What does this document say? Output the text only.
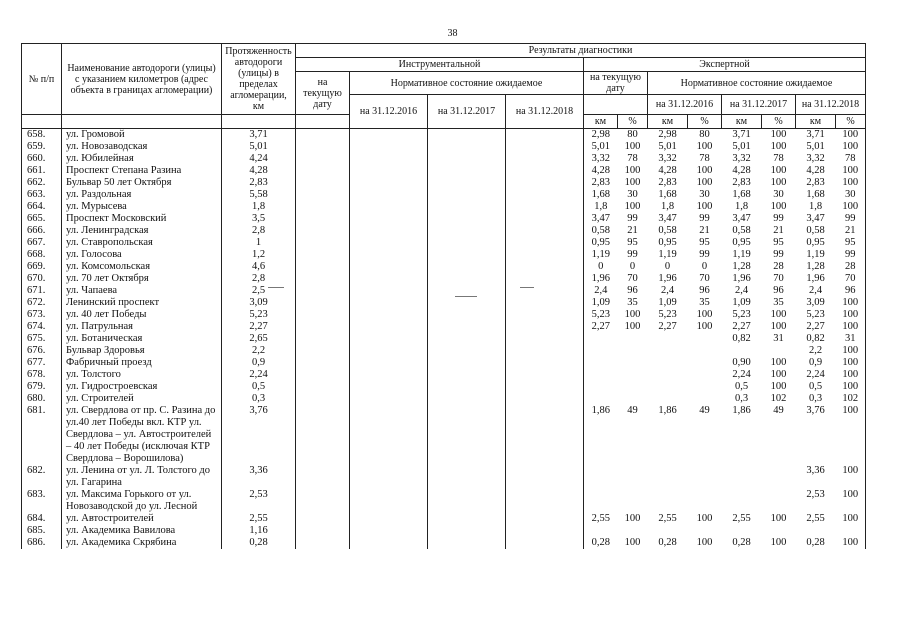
38
№ п/п	Наименование автодороги (улицы) с указанием километров (адрес объекта в границах агломерации)	Протяженность автодороги (улицы) в пределах агломерации, км	Результаты диагностики											
			Инструментальной				Экспертной							
			на текущую дату	Нормативное состояние ожидаемое			на текущую дату		Нормативное состояние ожидаемое					
				на 31.12.2016	на 31.12.2017	на 31.12.2018			на 31.12.2016		на 31.12.2017		на 31.12.2018	
							км	%	км	%	км	%	км	%
658.	ул. Громовой	3,71					2,98	80	2,98	80	3,71	100	3,71	100
659.	ул. Новозаводская	5,01					5,01	100	5,01	100	5,01	100	5,01	100
660.	ул. Юбилейная	4,24					3,32	78	3,32	78	3,32	78	3,32	78
661.	Проспект Степана Разина	4,28					4,28	100	4,28	100	4,28	100	4,28	100
662.	Бульвар 50 лет Октября	2,83					2,83	100	2,83	100	2,83	100	2,83	100
663.	ул. Раздольная	5,58					1,68	30	1,68	30	1,68	30	1,68	30
664.	ул. Мурысева	1,8					1,8	100	1,8	100	1,8	100	1,8	100
665.	Проспект Московский	3,5					3,47	99	3,47	99	3,47	99	3,47	99
666.	ул. Ленинградская	2,8					0,58	21	0,58	21	0,58	21	0,58	21
667.	ул. Ставропольская	1					0,95	95	0,95	95	0,95	95	0,95	95
668.	ул. Голосова	1,2					1,19	99	1,19	99	1,19	99	1,19	99
669.	ул. Комсомольская	4,6					0	0	0	0	1,28	28	1,28	28
670.	ул. 70 лет Октября	2,8					1,96	70	1,96	70	1,96	70	1,96	70
671.	ул. Чапаева	2,5					2,4	96	2,4	96	2,4	96	2,4	96
672.	Ленинский проспект	3,09					1,09	35	1,09	35	1,09	35	3,09	100
673.	ул. 40 лет Победы	5,23					5,23	100	5,23	100	5,23	100	5,23	100
674.	ул. Патрульная	2,27					2,27	100	2,27	100	2,27	100	2,27	100
675.	ул. Ботаническая	2,65									0,82	31	0,82	31
676.	Бульвар Здоровья	2,2											2,2	100
677.	Фабричный проезд	0,9									0,90	100	0,9	100
678.	ул. Толстого	2,24									2,24	100	2,24	100
679.	ул. Гидростроевская	0,5									0,5	100	0,5	100
680.	ул. Строителей	0,3									0,3	102	0,3	102
681.	ул. Свердлова от пр. С. Разина до ул.40 лет Победы вкл. КТР ул. Свердлова – ул. Автостроителей – 40 лет Победы (исключая КТР Свердлова – Ворошилова)	3,76					1,86	49	1,86	49	1,86	49	3,76	100
682.	ул. Ленина от ул. Л. Толстого до ул. Гагарина	3,36											3,36	100
683.	ул. Максима Горького от ул. Новозаводской до ул. Лесной	2,53											2,53	100
684.	ул. Автостроителей	2,55					2,55	100	2,55	100	2,55	100	2,55	100
685.	ул. Академика Вавилова	1,16												
686.	ул. Академика Скрябина	0,28					0,28	100	0,28	100	0,28	100	0,28	100
